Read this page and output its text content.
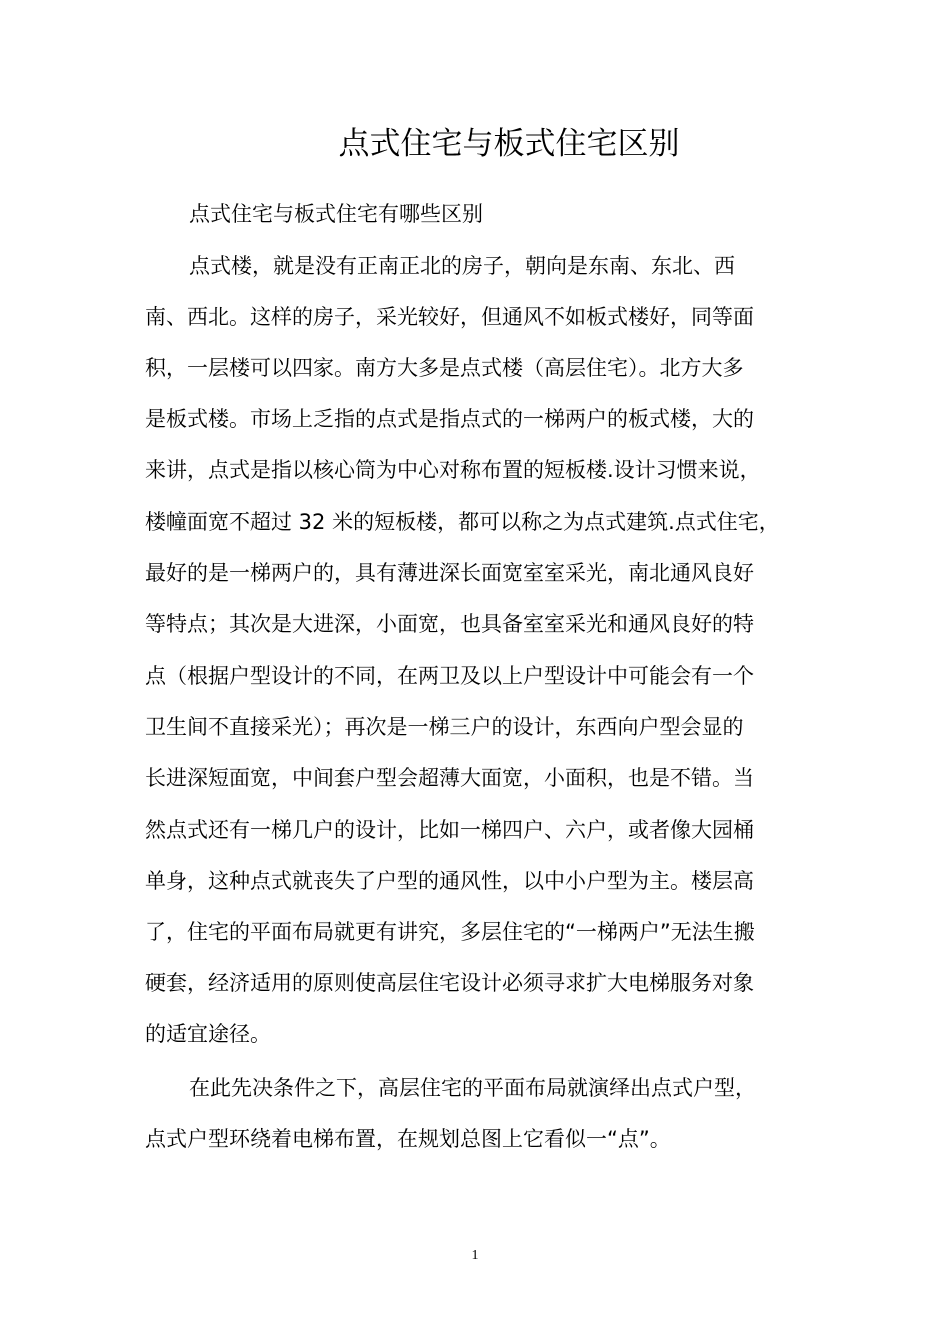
点式住宅与板式住宅区别

点式住宅与板式住宅有哪些区别

点式楼，就是没有正南正北的房子，朝向是东南、东北、西

南、西北。这样的房子，采光较好，但通风不如板式楼好，同等面

积，一层楼可以四家。南方大多是点式楼（高层住宅）。北方大多

是板式楼。市场上乏指的点式是指点式的一梯两户的板式楼，大的

来讲，点式是指以核心筒为中心对称布置的短板楼.设计习惯来说，

楼幢面宽不超过 32 米的短板楼，都可以称之为点式建筑.点式住宅，

最好的是一梯两户的，具有薄进深长面宽室室采光，南北通风良好

等特点；其次是大进深，小面宽，也具备室室采光和通风良好的特

点（根据户型设计的不同，在两卫及以上户型设计中可能会有一个

卫生间不直接采光）；再次是一梯三户的设计，东西向户型会显的

长进深短面宽，中间套户型会超薄大面宽，小面积，也是不错。当

然点式还有一梯几户的设计，比如一梯四户、六户，或者像大园桶

单身，这种点式就丧失了户型的通风性，以中小户型为主。楼层高

了，住宅的平面布局就更有讲究，多层住宅的“一梯两户”无法生搬

硬套，经济适用的原则使高层住宅设计必须寻求扩大电梯服务对象

的适宜途径。

在此先决条件之下，高层住宅的平面布局就演绎出点式户型，

点式户型环绕着电梯布置，在规划总图上它看似一“点”。

1
